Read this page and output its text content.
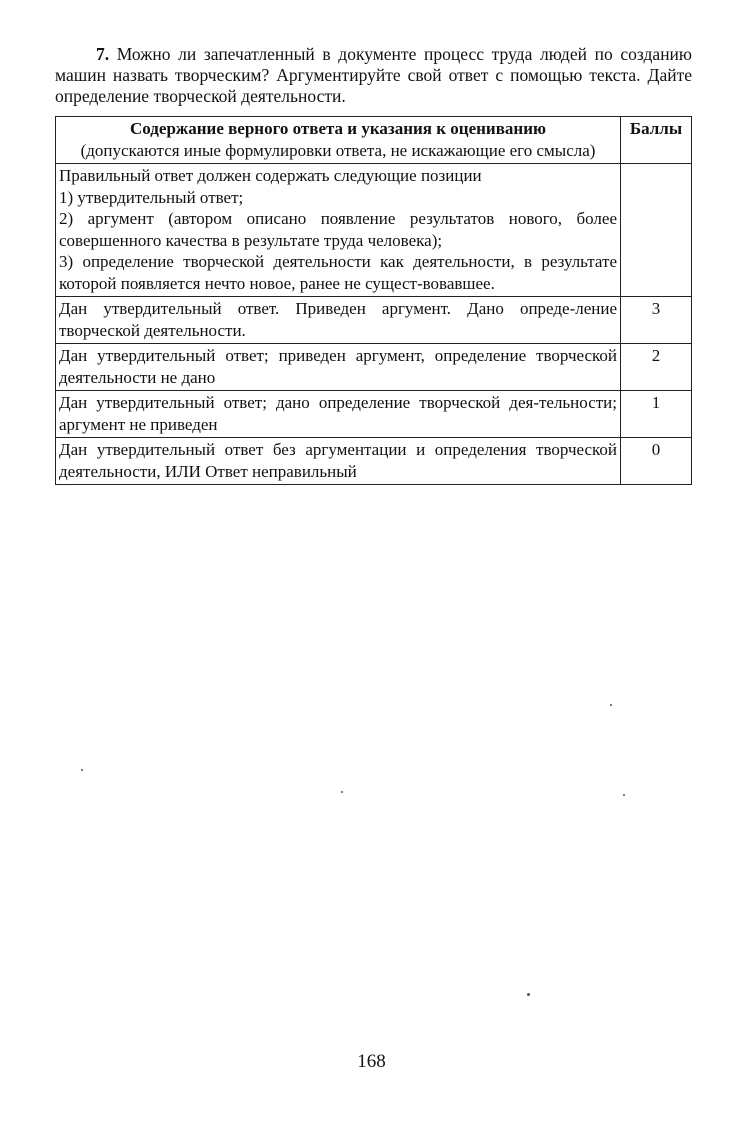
7. Можно ли запечатленный в документе процесс труда людей по созданию машин назвать творческим? Аргументируйте свой ответ с помощью текста. Дайте определение творческой деятельности.
Содержание верного ответа и указания к оцениванию
(допускаются иные формулировки ответа, не искажающие его смысла)	Баллы

Правильный ответ должен содержать следующие позиции
1) утвердительный ответ;
2) аргумент (автором описано появление результатов нового, более совершенного качества в результате труда человека);
3) определение творческой деятельности как деятельности, в результате которой появляется нечто новое, ранее не сущест-вовавшее.	

Дан утвердительный ответ. Приведен аргумент. Дано опреде-ление творческой деятельности.	3
Дан утвердительный ответ; приведен аргумент, определение творческой деятельности не дано	2
Дан утвердительный ответ; дано определение творческой дея-тельности; аргумент не приведен	1
Дан утвердительный ответ без аргументации и определения творческой деятельности, ИЛИ Ответ неправильный	0
168
